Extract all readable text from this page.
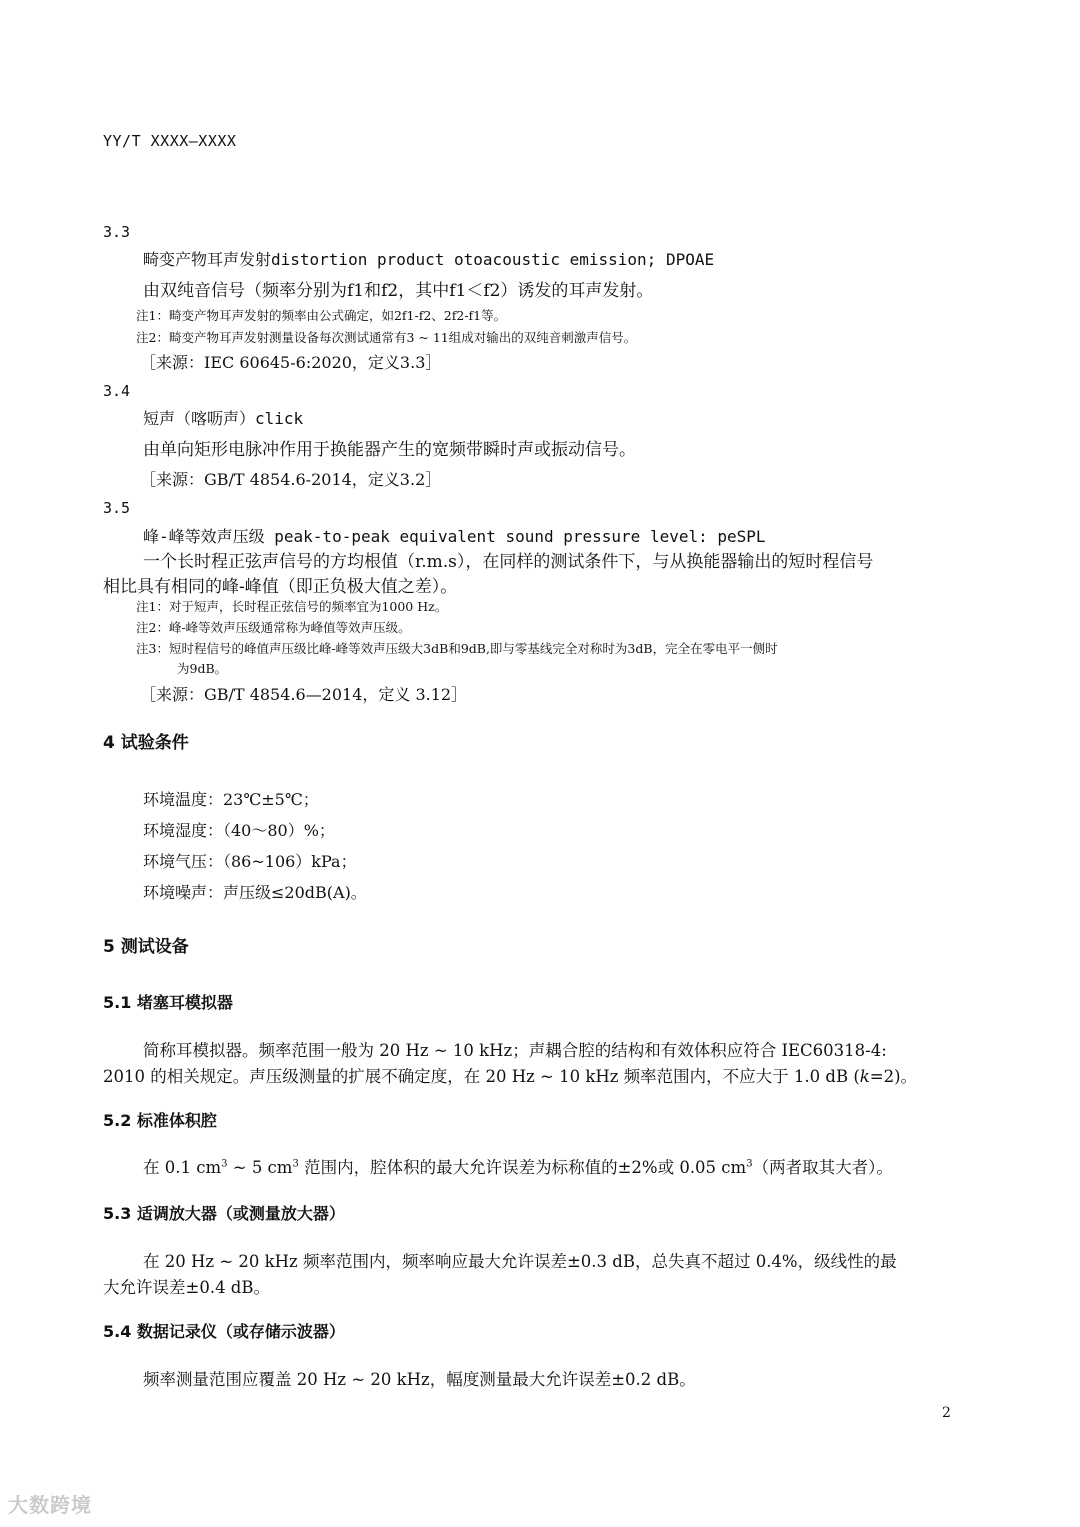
YY/T XXXX—XXXX
3.3
畸变产物耳声发射distortion product otoacoustic emission; DPOAE
由双纯音信号（频率分别为f1和f2，其中f1＜f2）诱发的耳声发射。
注1：畸变产物耳声发射的频率由公式确定，如2f1-f2、2f2-f1等。
注2：畸变产物耳声发射测量设备每次测试通常有3 ~ 11组成对输出的双纯音刺激声信号。
［来源：IEC 60645-6:2020，定义3.3］
3.4
短声（喀呖声）click
由单向矩形电脉冲作用于换能器产生的宽频带瞬时声或振动信号。
［来源：GB/T 4854.6-2014，定义3.2］
3.5
峰-峰等效声压级 peak-to-peak equivalent sound pressure level: peSPL
一个长时程正弦声信号的方均根值（r.m.s），在同样的测试条件下，与从换能器输出的短时程信号
相比具有相同的峰-峰值（即正负极大值之差）。
注1：对于短声，长时程正弦信号的频率宜为1000 Hz。
注2：峰-峰等效声压级通常称为峰值等效声压级。
注3：短时程信号的峰值声压级比峰-峰等效声压级大3dB和9dB,即与零基线完全对称时为3dB，完全在零电平一侧时
为9dB。
［来源：GB/T 4854.6—2014，定义 3.12］
4 试验条件
环境温度：23℃±5℃；
环境湿度：（40～80）%；
环境气压：（86~106）kPa；
环境噪声：声压级≤20dB(A)。
5 测试设备
5.1 堵塞耳模拟器
简称耳模拟器。频率范围一般为 20 Hz ~ 10 kHz；声耦合腔的结构和有效体积应符合 IEC60318-4:
2010 的相关规定。声压级测量的扩展不确定度，在 20 Hz ~ 10 kHz 频率范围内，不应大于 1.0 dB (k=2)。
5.2 标准体积腔
在 0.1 $cm^3$ ~ 5 $cm^3$ 范围内，腔体积的最大允许误差为标称值的±2%或 0.05 $cm^3$（两者取其大者）。
5.3 适调放大器（或测量放大器）
在 20 Hz ~ 20 kHz 频率范围内，频率响应最大允许误差±0.3 dB，总失真不超过 0.4%，级线性的最
大允许误差±0.4 dB。
5.4 数据记录仪（或存储示波器）
频率测量范围应覆盖 20 Hz ~ 20 kHz，幅度测量最大允许误差±0.2 dB。
2
大数跨境
